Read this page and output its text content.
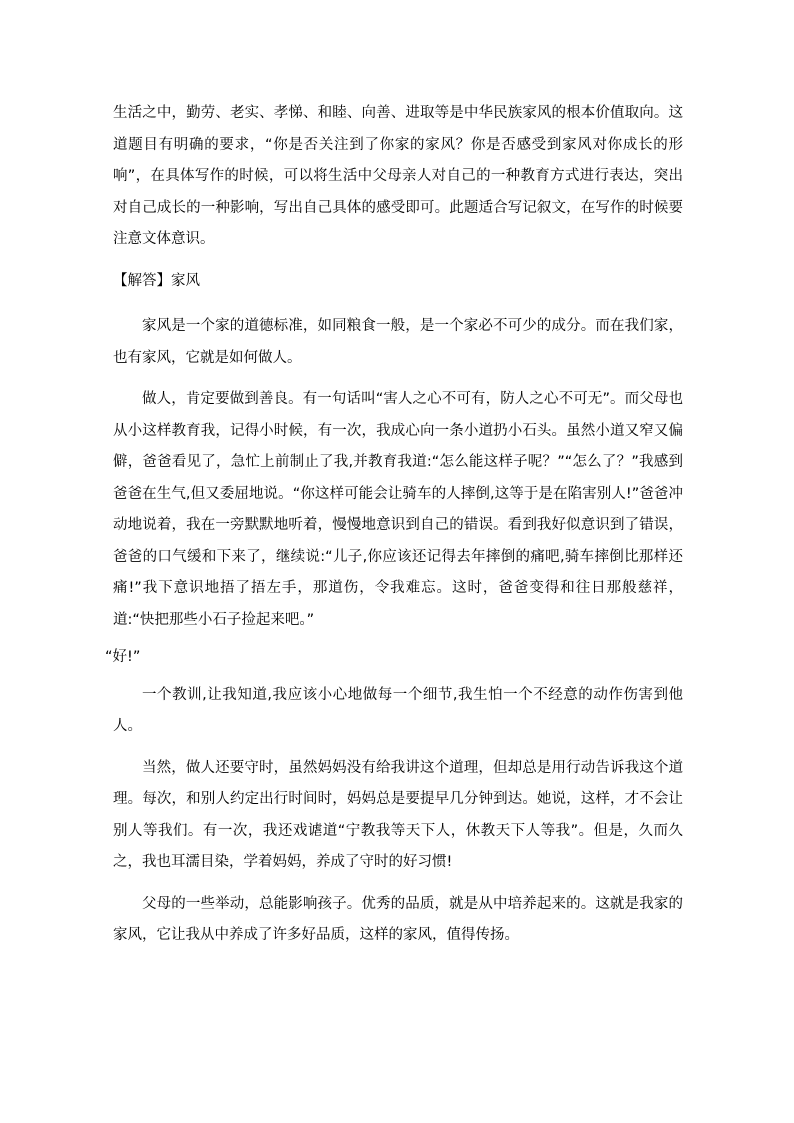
生活之中，勤劳、老实、孝悌、和睦、向善、进取等是中华民族家风的根本价值取向。这道题目有明确的要求，“你是否关注到了你家的家风？你是否感受到家风对你成长的形响”，在具体写作的时候，可以将生活中父母亲人对自己的一种教育方式进行表达，突出对自己成长的一种影响，写出自己具体的感受即可。此题适合写记叙文，在写作的时候要注意文体意识。

【解答】家风

家风是一个家的道德标准，如同粮食一般，是一个家必不可少的成分。而在我们家，也有家风，它就是如何做人。

做人，肯定要做到善良。有一句话叫“害人之心不可有，防人之心不可无”。而父母也从小这样教育我，记得小时候，有一次，我成心向一条小道扔小石头。虽然小道又窄又偏僻，爸爸看见了，急忙上前制止了我,并教育我道:“怎么能这样子呢？”“怎么了？”我感到爸爸在生气,但又委屈地说。“你这样可能会让骑车的人摔倒,这等于是在陷害别人!”爸爸冲动地说着，我在一旁默默地听着，慢慢地意识到自己的错误。看到我好似意识到了错误，爸爸的口气缓和下来了，继续说:“儿子,你应该还记得去年摔倒的痛吧,骑车摔倒比那样还痛!”我下意识地捂了捂左手，那道伤，令我难忘。这时，爸爸变得和往日那般慈祥，道:“快把那些小石子捡起来吧。”

“好!”

一个教训,让我知道,我应该小心地做每一个细节,我生怕一个不经意的动作伤害到他人。

当然，做人还要守时，虽然妈妈没有给我讲这个道理，但却总是用行动告诉我这个道理。每次，和别人约定出行时间时，妈妈总是要提早几分钟到达。她说，这样，才不会让别人等我们。有一次，我还戏谑道“宁教我等天下人，休教天下人等我”。但是，久而久之，我也耳濡目染，学着妈妈，养成了守时的好习惯!

父母的一些举动，总能影响孩子。优秀的品质，就是从中培养起来的。这就是我家的家风，它让我从中养成了许多好品质，这样的家风，值得传扬。
